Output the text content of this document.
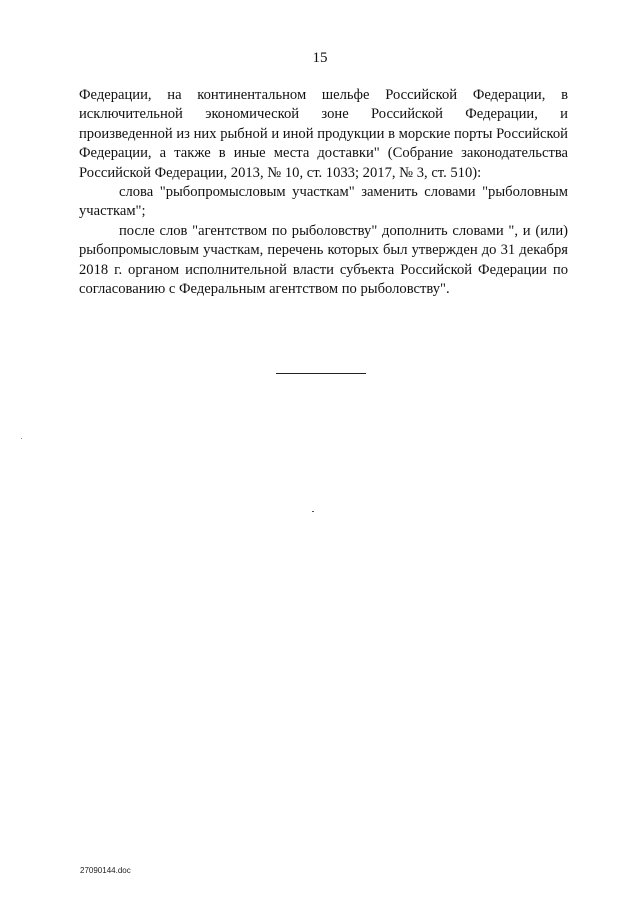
15

Федерации, на континентальном шельфе Российской Федерации, в исключительной экономической зоне Российской Федерации, и произведенной из них рыбной и иной продукции в морские порты Российской Федерации, а также в иные места доставки" (Собрание законодательства Российской Федерации, 2013, № 10, ст. 1033; 2017, № 3, ст. 510):

слова "рыбопромысловым участкам" заменить словами "рыболовным участкам";

после слов "агентством по рыболовству" дополнить словами ", и (или) рыбопромысловым участкам, перечень которых был утвержден до 31 декабря 2018 г. органом исполнительной власти субъекта Российской Федерации по согласованию с Федеральным агентством по рыболовству".

27090144.doc
